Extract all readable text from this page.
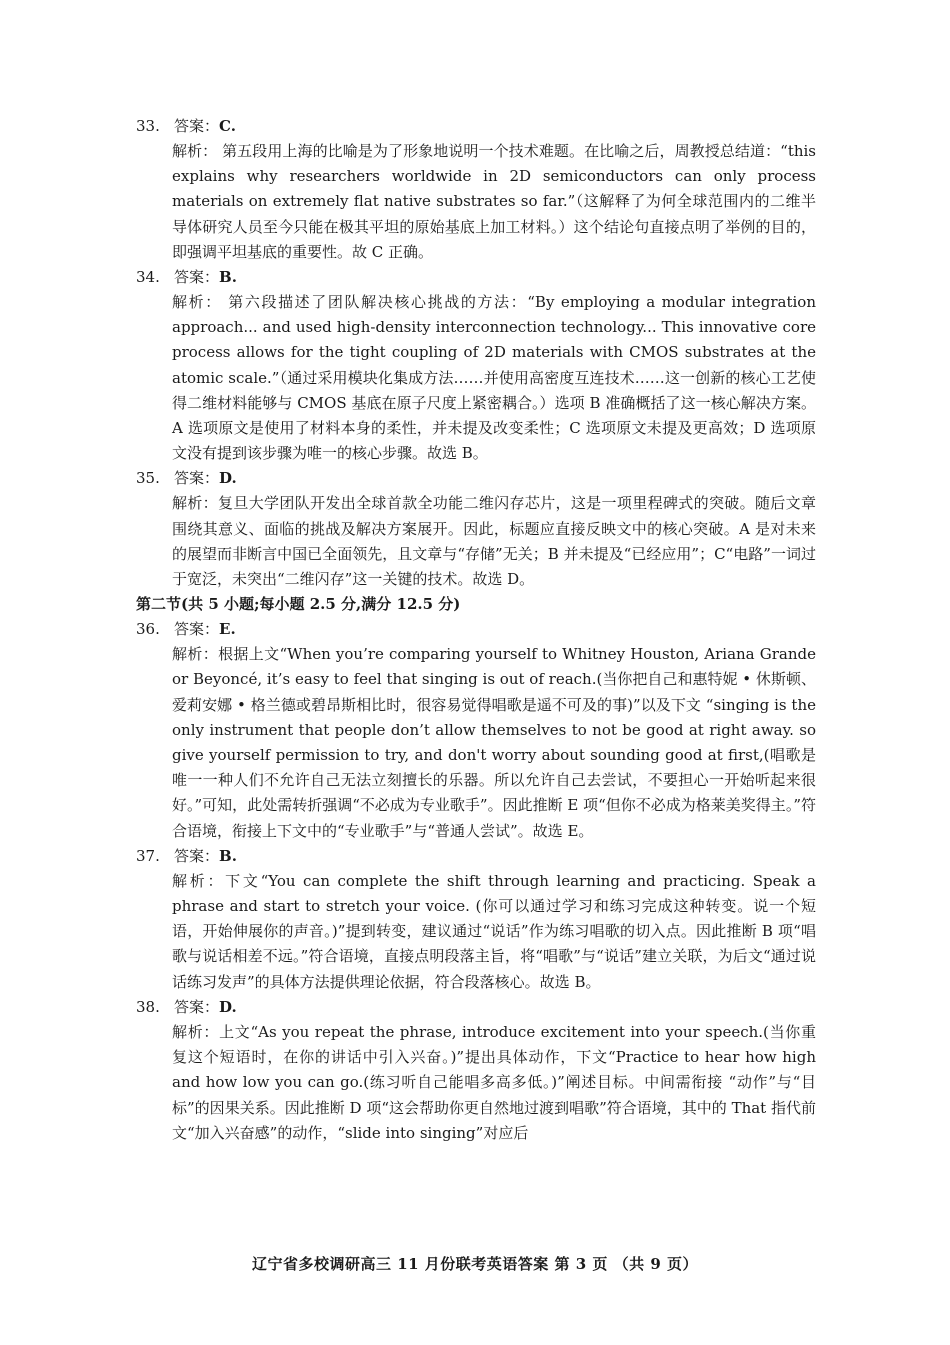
33. 答案：C.
解析： 第五段用上海的比喻是为了形象地说明一个技术难题。在比喻之后，周教授总结道：“this explains why researchers worldwide in 2D semiconductors can only process materials on extremely flat native substrates so far.”（这解释了为何全球范围内的二维半导体研究人员至今只能在极其平坦的原始基底上加工材料。）这个结论句直接点明了举例的目的，即强调平坦基底的重要性。故 C 正确。
34. 答案：B.
解析： 第六段描述了团队解决核心挑战的方法：“By employing a modular integration approach... and used high-density interconnection technology... This innovative core process allows for the tight coupling of 2D materials with CMOS substrates at the atomic scale.”（通过采用模块化集成方法……并使用高密度互连技术……这一创新的核心工艺使得二维材料能够与 CMOS 基底在原子尺度上紧密耦合。）选项 B 准确概括了这一核心解决方案。A 选项原文是使用了材料本身的柔性，并未提及改变柔性；C 选项原文未提及更高效；D 选项原文没有提到该步骤为唯一的核心步骤。故选 B。
35. 答案：D.
解析：复旦大学团队开发出全球首款全功能二维闪存芯片，这是一项里程碑式的突破。随后文章围绕其意义、面临的挑战及解决方案展开。因此，标题应直接反映文中的核心突破。A 是对未来的展望而非断言中国已全面领先，且文章与“存储”无关；B 并未提及“已经应用”；C“电路”一词过于宽泛，未突出“二维闪存”这一关键的技术。故选 D。
第二节(共 5 小题;每小题 2.5 分,满分 12.5 分)
36. 答案：E.
解析：根据上文“When you’re comparing yourself to Whitney Houston, Ariana Grande or Beyoncé, it’s easy to feel that singing is out of reach.(当你把自己和惠特妮 • 休斯顿、爱莉安娜 • 格兰德或碧昂斯相比时，很容易觉得唱歌是遥不可及的事)”以及下文 “singing is the only instrument that people don’t allow themselves to not be good at right away. so give yourself permission to try, and don't worry about sounding good at first,(唱歌是唯一一种人们不允许自己无法立刻擅长的乐器。所以允许自己去尝试，不要担心一开始听起来很好。”可知，此处需转折强调“不必成为专业歌手”。因此推断 E 项“但你不必成为格莱美奖得主。”符合语境，衔接上下文中的“专业歌手”与“普通人尝试”。故选 E。
37. 答案：B.
解析：下文“You can complete the shift through learning and practicing. Speak a phrase and start to stretch your voice. (你可以通过学习和练习完成这种转变。说一个短语，开始伸展你的声音。)”提到转变，建议通过“说话”作为练习唱歌的切入点。因此推断 B 项“唱歌与说话相差不远。”符合语境，直接点明段落主旨，将“唱歌”与“说话”建立关联，为后文“通过说话练习发声”的具体方法提供理论依据，符合段落核心。故选 B。
38. 答案：D.
解析：上文“As you repeat the phrase, introduce excitement into your speech.(当你重复这个短语时，在你的讲话中引入兴奋。)”提出具体动作，下文“Practice to hear how high and how low you can go.(练习听自己能唱多高多低。)”阐述目标。中间需衔接 “动作”与“目标”的因果关系。因此推断 D 项“这会帮助你更自然地过渡到唱歌”符合语境，其中的 That 指代前文“加入兴奋感”的动作，“slide into singing”对应后
辽宁省多校调研高三 11 月份联考英语答案 第 3 页 （共 9 页）
